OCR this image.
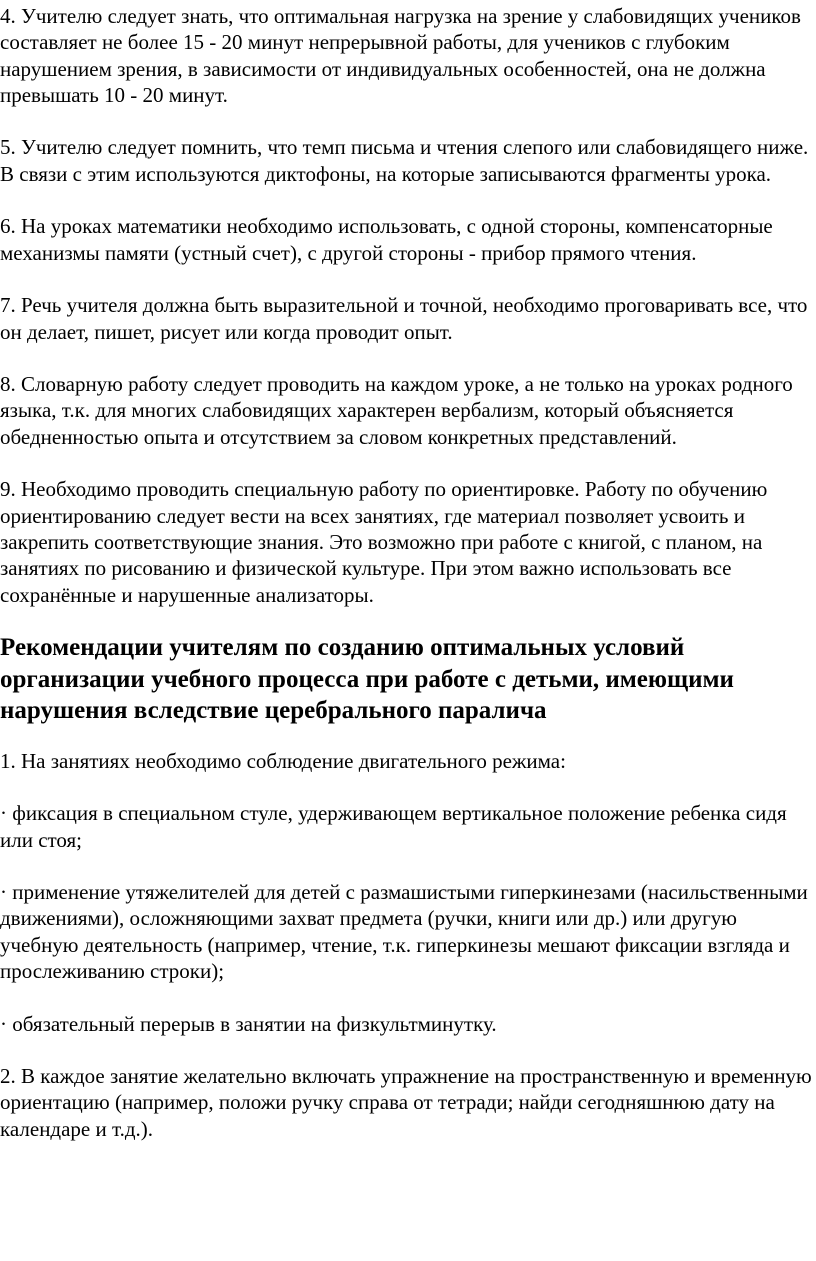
4. Учителю следует знать, что оптимальная нагрузка на зрение у слабовидящих учеников составляет не более 15 - 20 минут непрерывной работы, для учеников с глубоким нарушением зрения, в зависимости от индивидуальных особенностей, она не должна превышать 10 - 20 минут.

5. Учителю следует помнить, что темп письма и чтения слепого или слабовидящего ниже. В связи с этим используются диктофоны, на которые записываются фрагменты урока.

6. На уроках математики необходимо использовать, с одной стороны, компенсаторные механизмы памяти (устный счет), с другой стороны - прибор прямого чтения.

7. Речь учителя должна быть выразительной и точной, необходимо проговаривать все, что он делает, пишет, рисует или когда проводит опыт.

8. Словарную работу следует проводить на каждом уроке, а не только на уроках родного языка, т.к. для многих слабовидящих характерен вербализм, который объясняется обедненностью опыта и отсутствием за словом конкретных представлений.

9. Необходимо проводить специальную работу по ориентировке. Работу по обучению ориентированию следует вести на всех занятиях, где материал позволяет усвоить и закрепить соответствующие знания. Это возможно при работе с книгой, с планом, на занятиях по рисованию и физической культуре. При этом важно использовать все сохранённые и нарушенные анализаторы.

Рекомендации учителям по созданию оптимальных условий организации учебного процесса при работе с детьми, имеющими нарушения вследствие церебрального паралича

1. На занятиях необходимо соблюдение двигательного режима:

· фиксация в специальном стуле, удерживающем вертикальное положение ребенка сидя или стоя;

· применение утяжелителей для детей с размашистыми гиперкинезами (насильственными движениями), осложняющими захват предмета (ручки, книги или др.) или другую учебную деятельность (например, чтение, т.к. гиперкинезы мешают фиксации взгляда и прослеживанию строки);

· обязательный перерыв в занятии на физкультминутку.

2. В каждое занятие желательно включать упражнение на пространственную и временную ориентацию (например, положи ручку справа от тетради; найди сегодняшнюю дату на календаре и т.д.).
